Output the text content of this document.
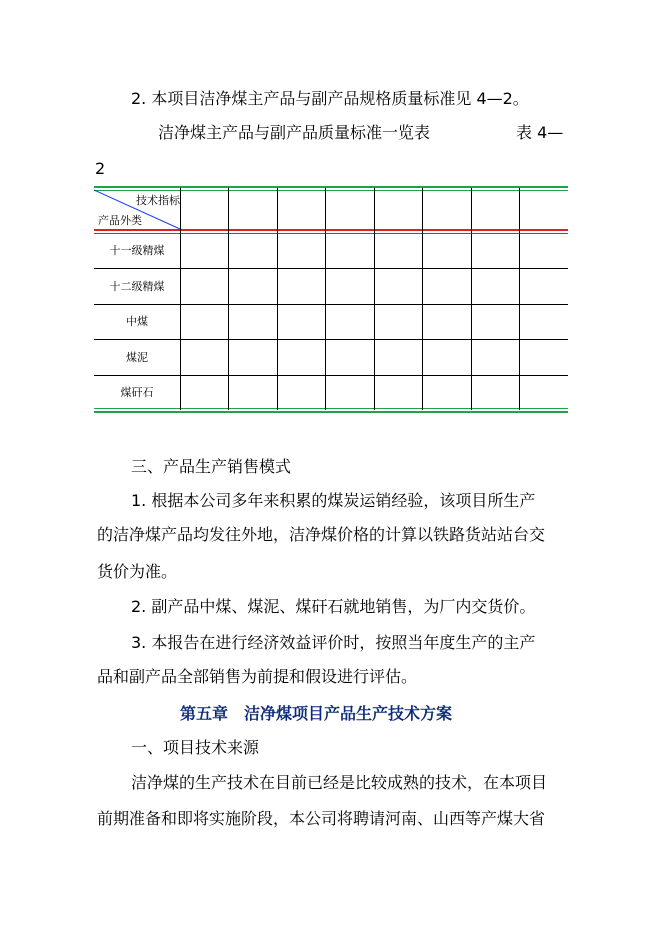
2. 本项目洁净煤主产品与副产品规格质量标准见 4—2。
洁净煤主产品与副产品质量标准一览表	表 4—
2
技术指标
产品外类
十一级精煤
十二级精煤
中煤
煤泥
煤矸石
三、产品生产销售模式
1. 根据本公司多年来积累的煤炭运销经验，该项目所生产
的洁净煤产品均发往外地，洁净煤价格的计算以铁路货站站台交
货价为准。
2. 副产品中煤、煤泥、煤矸石就地销售，为厂内交货价。
3. 本报告在进行经济效益评价时，按照当年度生产的主产
品和副产品全部销售为前提和假设进行评估。
第五章　洁净煤项目产品生产技术方案
一、项目技术来源
洁净煤的生产技术在目前已经是比较成熟的技术，在本项目
前期准备和即将实施阶段，本公司将聘请河南、山西等产煤大省
